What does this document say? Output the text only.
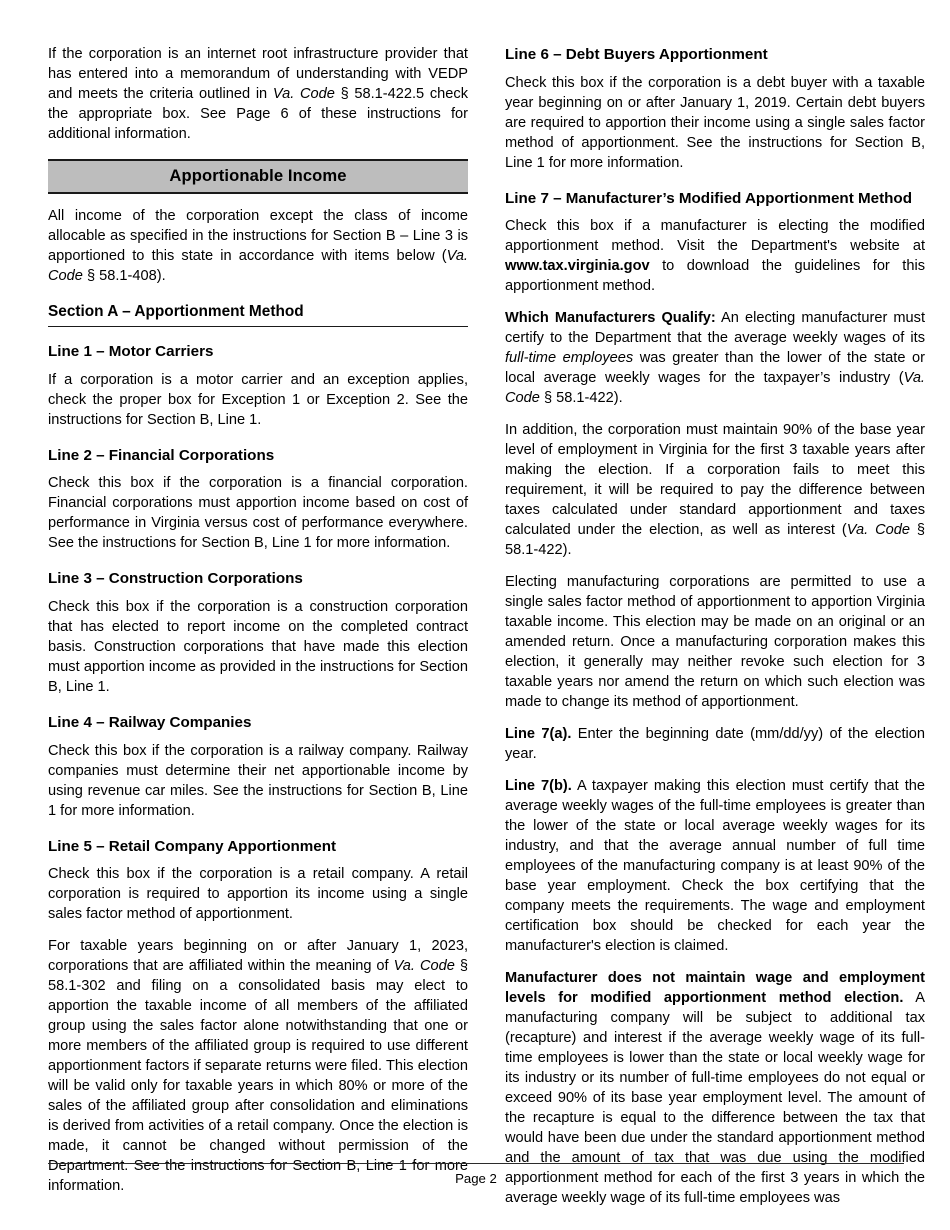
If the corporation is an internet root infrastructure provider that has entered into a memorandum of understanding with VEDP and meets the criteria outlined in Va. Code § 58.1-422.5 check the appropriate box. See Page 6 of these instructions for additional information.

Apportionable Income

All income of the corporation except the class of income allocable as specified in the instructions for Section B – Line 3 is apportioned to this state in accordance with items below (Va. Code § 58.1-408).

Section A – Apportionment Method
Line 1 – Motor Carriers

If a corporation is a motor carrier and an exception applies, check the proper box for Exception 1 or Exception 2. See the instructions for Section B, Line 1.

Line 2 – Financial Corporations

Check this box if the corporation is a financial corporation. Financial corporations must apportion income based on cost of performance in Virginia versus cost of performance everywhere. See the instructions for Section B, Line 1 for more information.

Line 3 – Construction Corporations

Check this box if the corporation is a construction corporation that has elected to report income on the completed contract basis. Construction corporations that have made this election must apportion income as provided in the instructions for Section B, Line 1.

Line 4 – Railway Companies

Check this box if the corporation is a railway company. Railway companies must determine their net apportionable income by using revenue car miles. See the instructions for Section B, Line 1 for more information.

Line 5 – Retail Company Apportionment

Check this box if the corporation is a retail company. A retail corporation is required to apportion its income using a single sales factor method of apportionment.

For taxable years beginning on or after January 1, 2023, corporations that are affiliated within the meaning of Va. Code § 58.1-302 and filing on a consolidated basis may elect to apportion the taxable income of all members of the affiliated group using the sales factor alone notwithstanding that one or more members of the affiliated group is required to use different apportionment factors if separate returns were filed. This election will be valid only for taxable years in which 80% or more of the sales of the affiliated group after consolidation and eliminations is derived from activities of a retail company. Once the election is made, it cannot be changed without permission of the Department. See the instructions for Section B, Line 1 for more information.

Line 6 – Debt Buyers Apportionment

Check this box if the corporation is a debt buyer with a taxable year beginning on or after January 1, 2019. Certain debt buyers are required to apportion their income using a single sales factor method of apportionment. See the instructions for Section B, Line 1 for more information.

Line 7 – Manufacturer’s Modified Apportionment Method

Check this box if a manufacturer is electing the modified apportionment method. Visit the Department's website at www.tax.virginia.gov to download the guidelines for this apportionment method.

Which Manufacturers Qualify: An electing manufacturer must certify to the Department that the average weekly wages of its full-time employees was greater than the lower of the state or local average weekly wages for the taxpayer’s industry (Va. Code § 58.1-422).

In addition, the corporation must maintain 90% of the base year level of employment in Virginia for the first 3 taxable years after making the election. If a corporation fails to meet this requirement, it will be required to pay the difference between taxes calculated under standard apportionment and taxes calculated under the election, as well as interest (Va. Code § 58.1-422).

Electing manufacturing corporations are permitted to use a single sales factor method of apportionment to apportion Virginia taxable income. This election may be made on an original or an amended return. Once a manufacturing corporation makes this election, it generally may neither revoke such election for 3 taxable years nor amend the return on which such election was made to change its method of apportionment.

Line 7(a). Enter the beginning date (mm/dd/yy) of the election year.

Line 7(b). A taxpayer making this election must certify that the average weekly wages of the full-time employees is greater than the lower of the state or local average weekly wages for its industry, and that the average annual number of full time employees of the manufacturing company is at least 90% of the base year employment. Check the box certifying that the company meets the requirements. The wage and employment certification box should be checked for each year the manufacturer's election is claimed.

Manufacturer does not maintain wage and employment levels for modified apportionment method election. A manufacturing company will be subject to additional tax (recapture) and interest if the average weekly wage of its full-time employees is lower than the state or local weekly wage for its industry or its number of full-time employees do not equal or exceed 90% of its base year employment level. The amount of the recapture is equal to the difference between the tax that would have been due under the standard apportionment method and the amount of tax that was due using the modified apportionment method for each of the first 3 years in which the average weekly wage of its full-time employees was

Page 2
